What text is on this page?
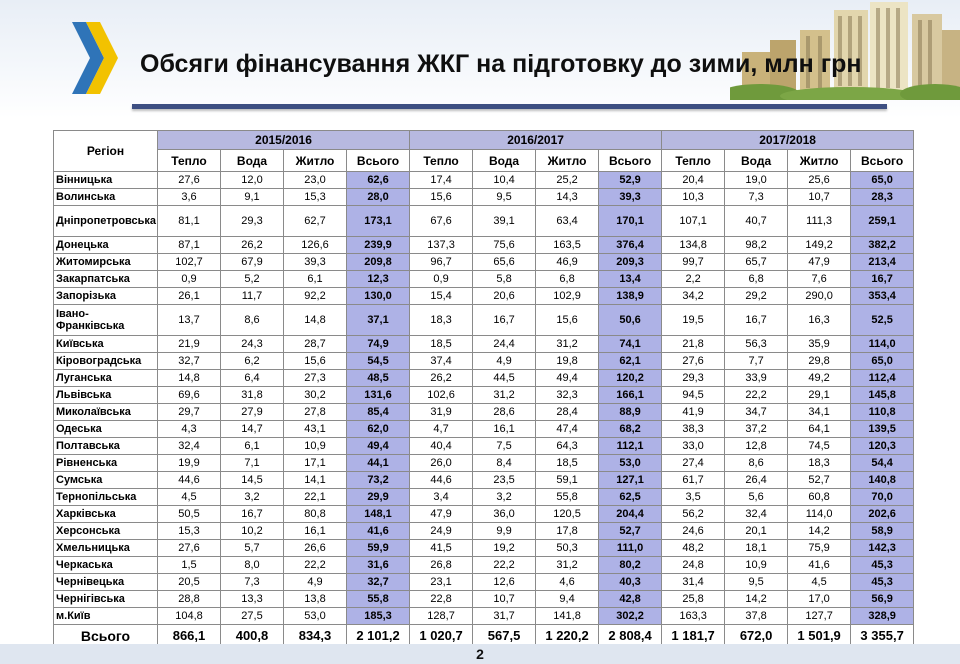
Обсяги фінансування ЖКГ на підготовку до зими, млн грн
Регіон	2015/2016				2016/2017				2017/2018			
	Тепло	Вода	Житло	Всього	Тепло	Вода	Житло	Всього	Тепло	Вода	Житло	Всього
Вінницька	27,6	12,0	23,0	62,6	17,4	10,4	25,2	52,9	20,4	19,0	25,6	65,0
Волинська	3,6	9,1	15,3	28,0	15,6	9,5	14,3	39,3	10,3	7,3	10,7	28,3
Дніпропетровська	81,1	29,3	62,7	173,1	67,6	39,1	63,4	170,1	107,1	40,7	111,3	259,1
Донецька	87,1	26,2	126,6	239,9	137,3	75,6	163,5	376,4	134,8	98,2	149,2	382,2
Житомирська	102,7	67,9	39,3	209,8	96,7	65,6	46,9	209,3	99,7	65,7	47,9	213,4
Закарпатська	0,9	5,2	6,1	12,3	0,9	5,8	6,8	13,4	2,2	6,8	7,6	16,7
Запорізька	26,1	11,7	92,2	130,0	15,4	20,6	102,9	138,9	34,2	29,2	290,0	353,4
Івано-Франківська	13,7	8,6	14,8	37,1	18,3	16,7	15,6	50,6	19,5	16,7	16,3	52,5
Київська	21,9	24,3	28,7	74,9	18,5	24,4	31,2	74,1	21,8	56,3	35,9	114,0
Кіровоградська	32,7	6,2	15,6	54,5	37,4	4,9	19,8	62,1	27,6	7,7	29,8	65,0
Луганська	14,8	6,4	27,3	48,5	26,2	44,5	49,4	120,2	29,3	33,9	49,2	112,4
Львівська	69,6	31,8	30,2	131,6	102,6	31,2	32,3	166,1	94,5	22,2	29,1	145,8
Миколаївська	29,7	27,9	27,8	85,4	31,9	28,6	28,4	88,9	41,9	34,7	34,1	110,8
Одеська	4,3	14,7	43,1	62,0	4,7	16,1	47,4	68,2	38,3	37,2	64,1	139,5
Полтавська	32,4	6,1	10,9	49,4	40,4	7,5	64,3	112,1	33,0	12,8	74,5	120,3
Рівненська	19,9	7,1	17,1	44,1	26,0	8,4	18,5	53,0	27,4	8,6	18,3	54,4
Сумська	44,6	14,5	14,1	73,2	44,6	23,5	59,1	127,1	61,7	26,4	52,7	140,8
Тернопільська	4,5	3,2	22,1	29,9	3,4	3,2	55,8	62,5	3,5	5,6	60,8	70,0
Харківська	50,5	16,7	80,8	148,1	47,9	36,0	120,5	204,4	56,2	32,4	114,0	202,6
Херсонська	15,3	10,2	16,1	41,6	24,9	9,9	17,8	52,7	24,6	20,1	14,2	58,9
Хмельницька	27,6	5,7	26,6	59,9	41,5	19,2	50,3	111,0	48,2	18,1	75,9	142,3
Черкаська	1,5	8,0	22,2	31,6	26,8	22,2	31,2	80,2	24,8	10,9	41,6	45,3
Чернівецька	20,5	7,3	4,9	32,7	23,1	12,6	4,6	40,3	31,4	9,5	4,5	45,3
Чернігівська	28,8	13,3	13,8	55,8	22,8	10,7	9,4	42,8	25,8	14,2	17,0	56,9
м.Київ	104,8	27,5	53,0	185,3	128,7	31,7	141,8	302,2	163,3	37,8	127,7	328,9
Всього	866,1	400,8	834,3	2 101,2	1 020,7	567,5	1 220,2	2 808,4	1 181,7	672,0	1 501,9	3 355,7
2
